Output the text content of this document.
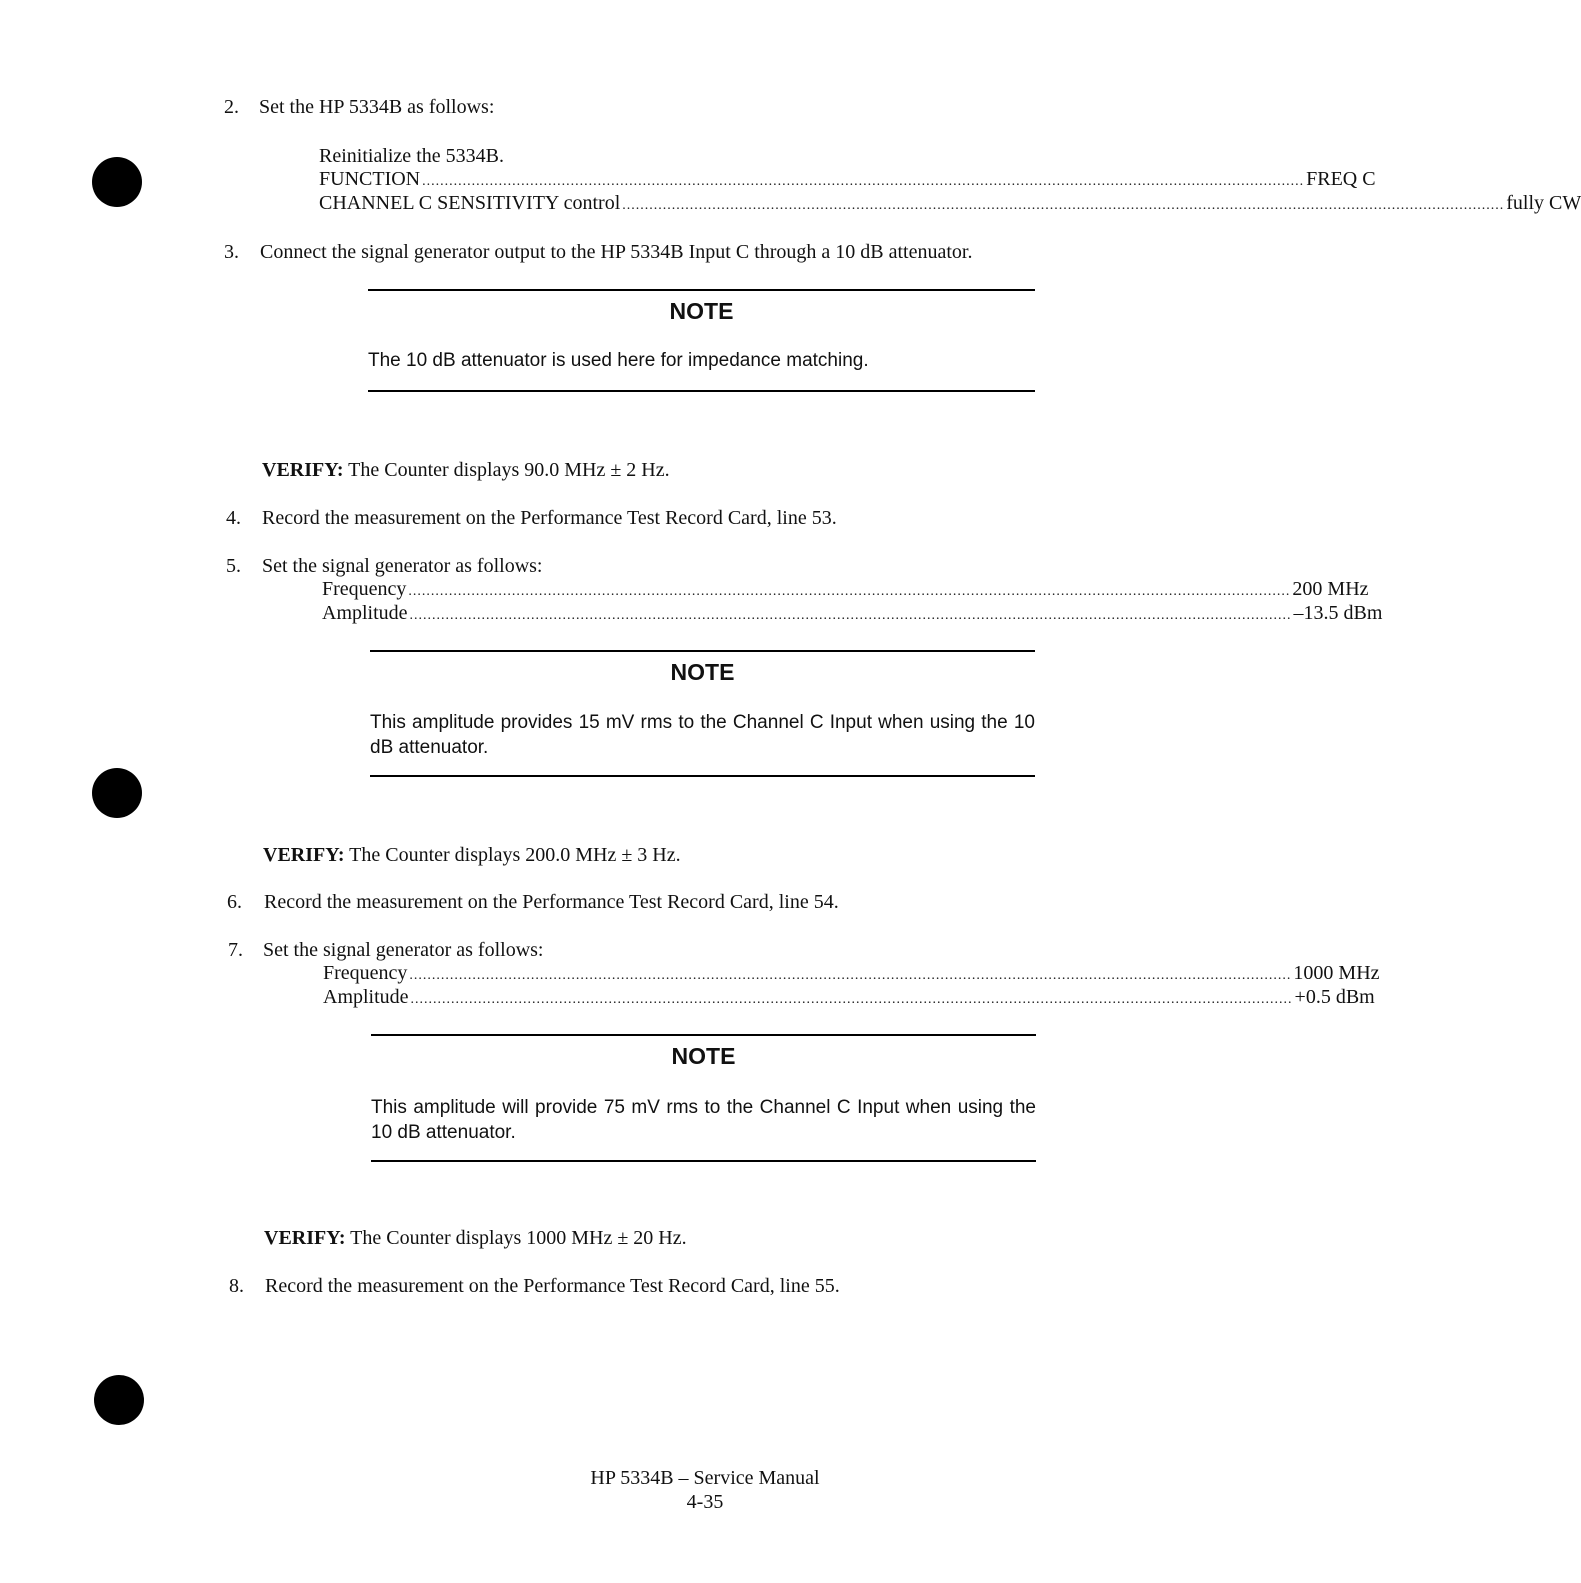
2. Set the HP 5334B as follows:
Reinitialize the 5334B.
FUNCTION .................................................................................................................................................................................................... FREQ C
CHANNEL C SENSITIVITY control .................................................................................................................................................................................................... fully CW
3. Connect the signal generator output to the HP 5334B Input C through a 10 dB attenuator.
NOTE
The 10 dB attenuator is used here for impedance matching.
VERIFY: The Counter displays 90.0 MHz ± 2 Hz.
4. Record the measurement on the Performance Test Record Card, line 53.
5. Set the signal generator as follows:
Frequency .................................................................................................................................................................................................... 200 MHz
Amplitude .................................................................................................................................................................................................... –13.5 dBm
NOTE
This amplitude provides 15 mV rms to the Channel C Input when using the 10 dB attenuator.
VERIFY: The Counter displays 200.0 MHz ± 3 Hz.
6. Record the measurement on the Performance Test Record Card, line 54.
7. Set the signal generator as follows:
Frequency .................................................................................................................................................................................................... 1000 MHz
Amplitude .................................................................................................................................................................................................... +0.5 dBm
NOTE
This amplitude will provide 75 mV rms to the Channel C Input when using the 10 dB attenuator.
VERIFY: The Counter displays 1000 MHz ± 20 Hz.
8. Record the measurement on the Performance Test Record Card, line 55.
HP 5334B – Service Manual
4-35
